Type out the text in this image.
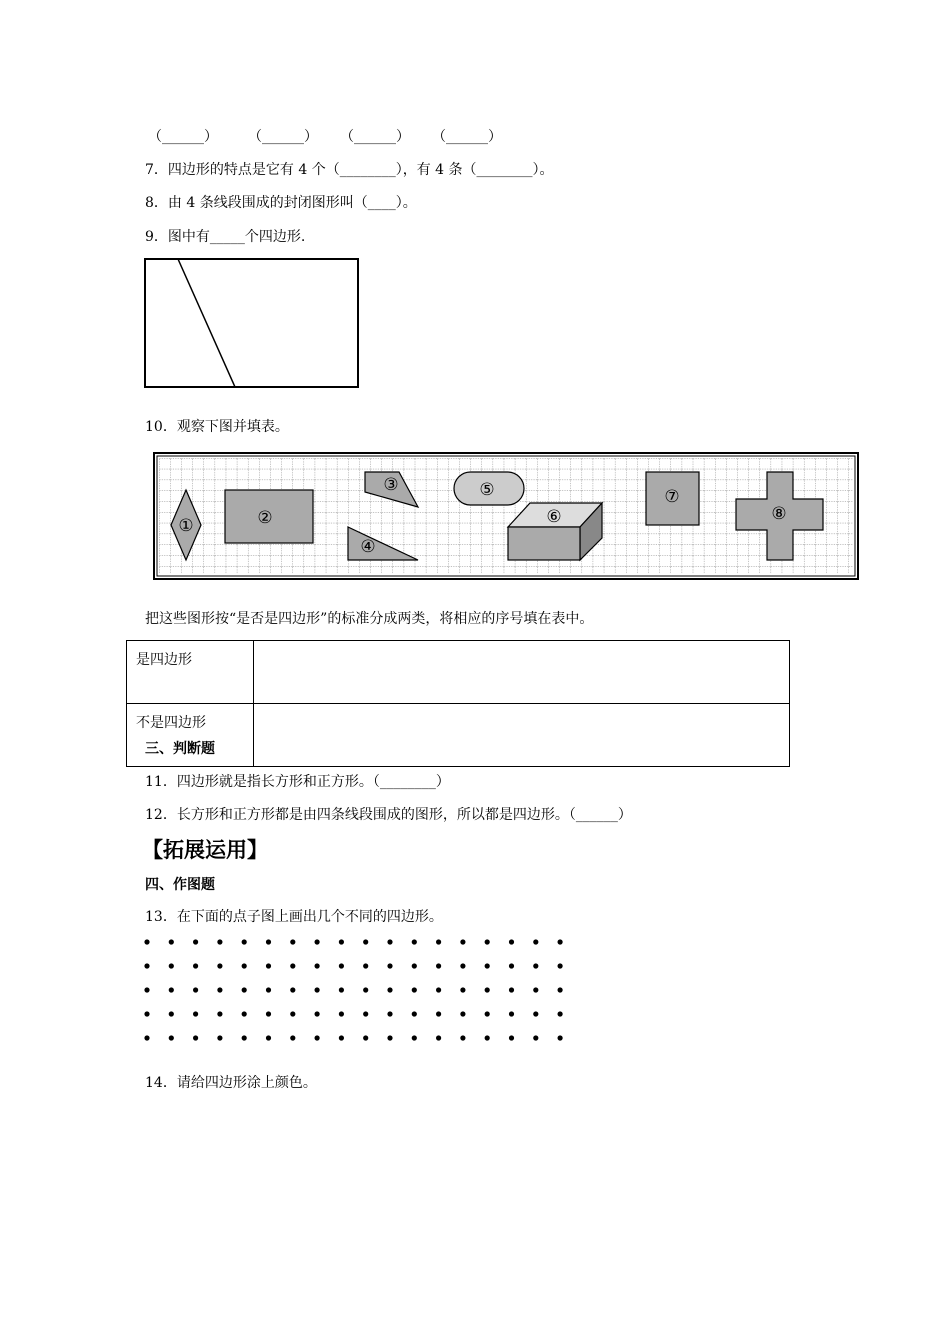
（______） （______） （______） （______）
7．四边形的特点是它有 4 个（________），有 4 条（________）。
8．由 4 条线段围成的封闭图形叫（____）。
9．图中有_____个四边形.
10．观察下图并填表。
①	②
③
④
⑤
⑥
⑦
⑧
把这些图形按“是否是四边形”的标准分成两类，将相应的序号填在表中。
是四边形	
不是四边形	
三、判断题
11．四边形就是指长方形和正方形。（________）
12．长方形和正方形都是由四条线段围成的图形，所以都是四边形。（______）
【拓展运用】
四、作图题
13．在下面的点子图上画出几个不同的四边形。
14．请给四边形涂上颜色。
